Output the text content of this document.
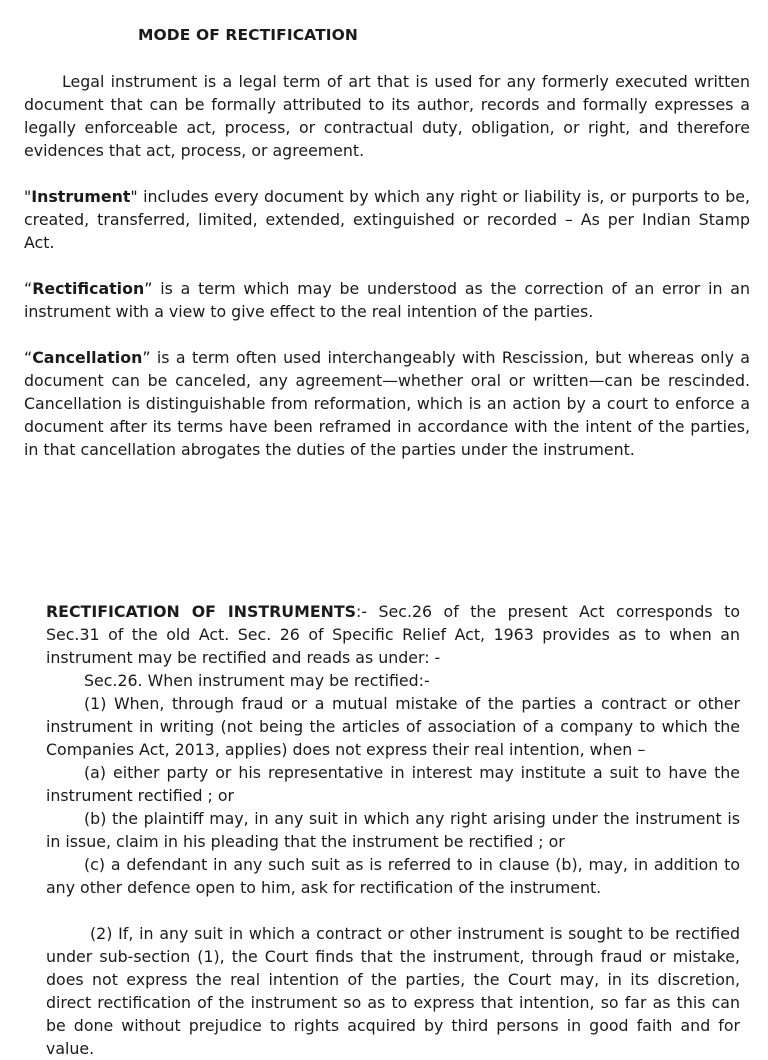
MODE OF RECTIFICATION

Legal instrument is a legal term of art that is used for any formerly executed written document that can be formally attributed to its author, records and formally expresses a legally enforceable act, process, or contractual duty, obligation, or right, and therefore evidences that act, process, or agreement.

"Instrument" includes every document by which any right or liability is, or purports to be, created, transferred, limited, extended, extinguished or recorded – As per Indian Stamp Act.

“Rectification” is a term which may be understood as the correction of an error in an instrument with a view to give effect to the real intention of the parties.

“Cancellation” is a term often used interchangeably with Rescission, but whereas only a document can be canceled, any agreement—whether oral or written—can be rescinded. Cancellation is distinguishable from reformation, which is an action by a court to enforce a document after its terms have been reframed in accordance with the intent of the parties, in that cancellation abrogates the duties of the parties under the instrument.

RECTIFICATION OF INSTRUMENTS:- Sec.26 of the present Act corresponds to Sec.31 of the old Act. Sec. 26 of Specific Relief Act, 1963 provides as to when an instrument may be rectified and reads as under: -

Sec.26. When instrument may be rectified:-

(1) When, through fraud or a mutual mistake of the parties a contract or other instrument in writing (not being the articles of association of a company to which the Companies Act, 2013, applies) does not express their real intention, when –

(a) either party or his representative in interest may institute a suit to have the instrument rectified ; or

(b) the plaintiff may, in any suit in which any right arising under the instrument is in issue, claim in his pleading that the instrument be rectified ; or

(c) a defendant in any such suit as is referred to in clause (b), may, in addition to any other defence open to him, ask for rectification of the instrument.

(2) If, in any suit in which a contract or other instrument is sought to be rectified under sub-section (1), the Court finds that the instrument, through fraud or mistake, does not express the real intention of the parties, the Court may, in its discretion, direct rectification of the instrument so as to express that intention, so far as this can be done without prejudice to rights acquired by third persons in good faith and for value.
